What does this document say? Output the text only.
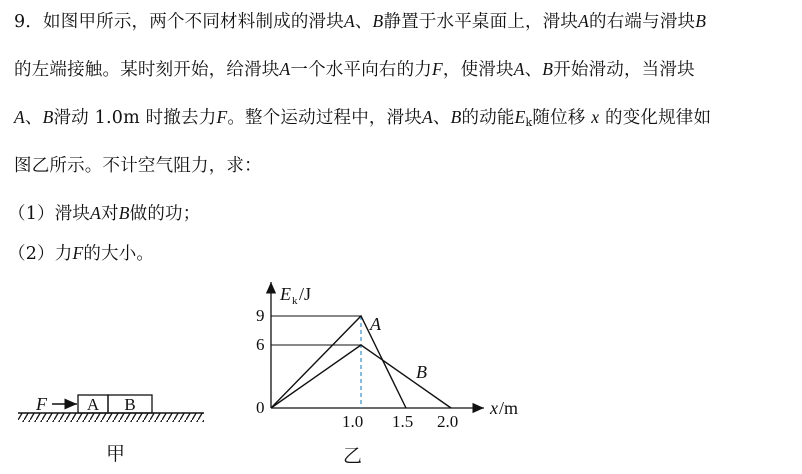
9．如图甲所示，两个不同材料制成的滑块A、B静置于水平桌面上，滑块A的右端与滑块B
的左端接触。某时刻开始，给滑块A一个水平向右的力F，使滑块A、B开始滑动，当滑块
A、B滑动 1.0m 时撤去力F。整个运动过程中，滑块A、B的动能$E_k$随位移 x 的变化规律如
图乙所示。不计空气阻力，求：
（1）滑块A对B做的功；
（2）力F的大小。
A B
F
甲
E k /J
x /m
0
9
6
1.0 1.5 2.0
A
B
乙
